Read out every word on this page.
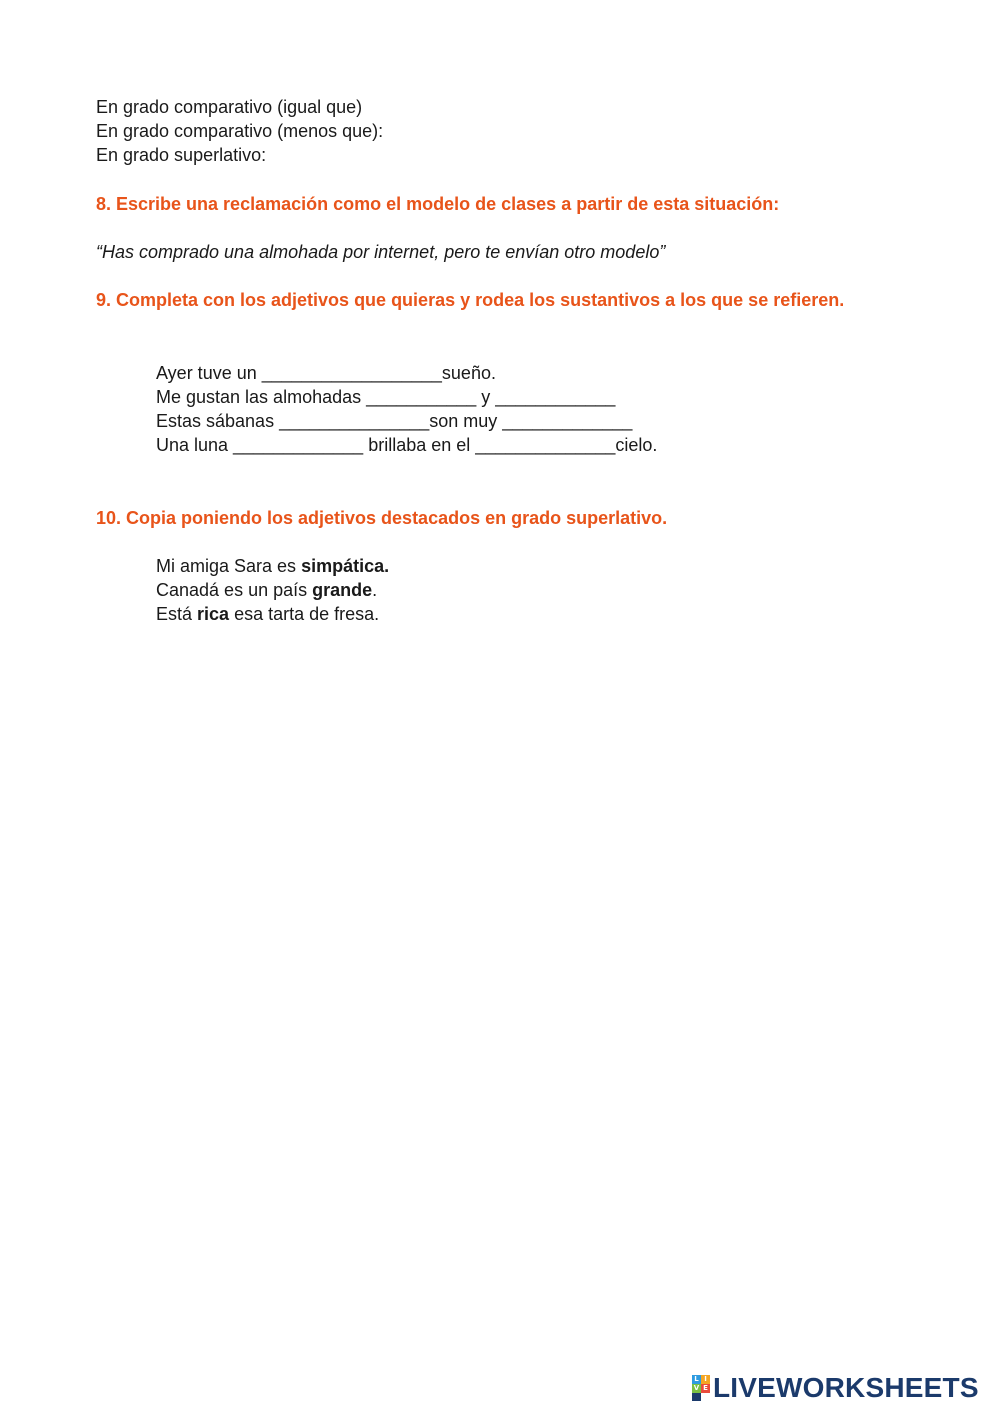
En grado comparativo (igual que)
En grado comparativo (menos que):
En grado superlativo:
8. Escribe una reclamación como el modelo de clases a partir de esta situación:
“Has comprado una almohada por internet, pero te envían otro modelo”
9. Completa con los adjetivos que quieras y rodea los sustantivos a los que se refieren.
Ayer tuve un __________________sueño.
Me gustan las almohadas ___________ y ____________
Estas sábanas _______________son muy _____________
Una luna _____________ brillaba en el ______________cielo.
10. Copia poniendo los adjetivos destacados en grado superlativo.
Mi amiga Sara es simpática.
Canadá es un país grande.
Está rica esa tarta de fresa.
L I
V E LIVEWORKSHEETS
